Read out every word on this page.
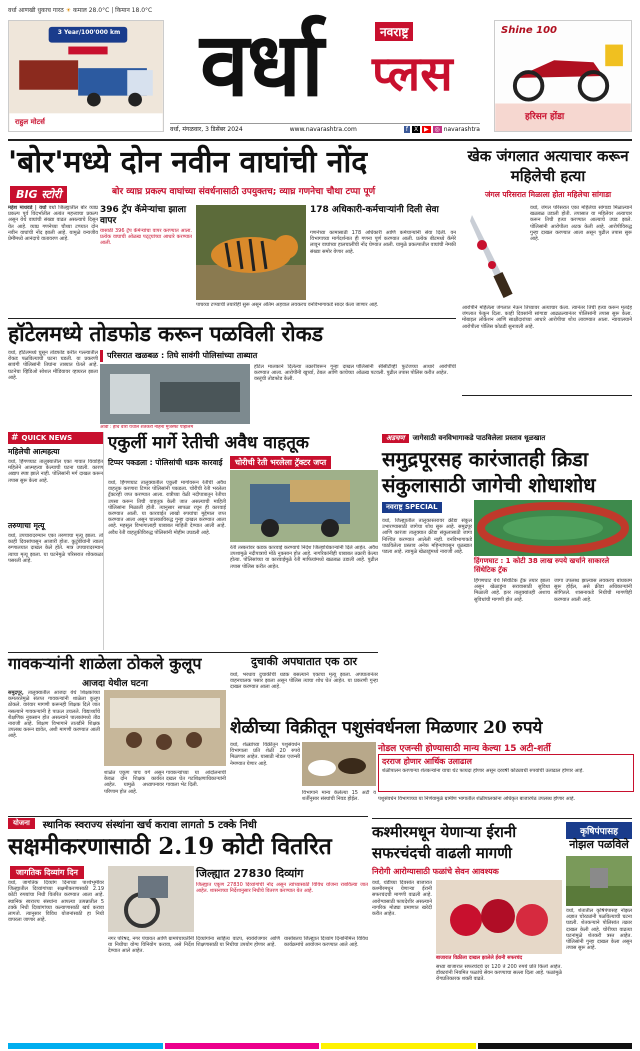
वर्धा आणखी धुकाच गारठ ☀ कमाल 28.0°C | किमान 18.0°C
3 Year/100'000 km
राहुल मोटर्स
वर्धा	नवराष्ट्र
प्लस
वर्धा, मंगळवार, 3 डिसेंबर 2024	www.navarashtra.com	f X ▶ ◎ navarashtra
Shine 100
हरिसन होंडा
'बोर'मध्ये दोन नवीन वाघांची नोंद
BIG स्टोरी	बोर व्याघ्र प्रकल्प वाघांच्या संवर्धनासाठी उपयुक्तच; व्याघ्र गणनेचा चौथा टप्पा पूर्ण
महेश माधवडे | वर्धा वर्धा जिल्ह्यातील बोर व्याघ्र प्रकल्प पूर्व विदर्भातील अत्यंत महत्त्वाचा प्रकल्प असून येथे वाघांची संख्या वाढत असल्याचे दिसून येत आहे. व्याघ्र गणनेच्या चौथ्या टप्प्यात दोन नवीन वाघांची नोंद झाली आहे. यामुळे वन्यजीव प्रेमींमध्ये आनंदाचे वातावरण आहे.
396 ट्रॅप कॅमेऱ्यांचा झाला वापर
यासाठी 396 ट्रॅप कॅमेऱ्यांचा वापर करण्यात आला. प्रत्येक वाघाची ओळख पट्ट्यांच्या आधारे करण्यात आली.
178 अधिकारी-कर्मचाऱ्यांनी दिली सेवा
गणनेच्या कामासाठी 178 अधिकारी आणि कर्मचाऱ्यांनी सेवा दिली. वन विभागाच्या मार्गदर्शनात ही गणना पूर्ण करण्यात आली. प्रत्येक बीटमध्ये कॅमेरे लावून वाघांच्या हालचालींची नोंद घेण्यात आली. यामुळे प्रकल्पातील वाघांची नेमकी संख्या समोर येणार आहे.
पाचव्या टप्प्याची तयारीही सुरू असून अंतिम अहवाल लवकरच वनविभागाकडे सादर केला जाणार आहे.
खेक जंगलात अत्याचार करून महिलेची हत्या
जंगल परिसरात मिळाला होता महिलेचा सांगाडा
वर्धा, जंगल परिसरात एका महिलेचा सांगाडा मिळाल्याने खळबळ उडाली होती. तपासात या महिलेवर अत्याचार करून तिची हत्या करण्यात आल्याचे उघड झाले. पोलिसांनी आरोपीला अटक केली आहे. आरोपीविरुद्ध गुन्हा दाखल करण्यात आला असून पुढील तपास सुरू आहे.
आरोपीने महिलेला जंगलात नेऊन तिच्यावर अत्याचार केला. त्यानंतर तिची हत्या करून मृतदेह जंगलात फेकून दिला. काही दिवसांनी सांगाडा आढळल्यानंतर पोलिसांनी तपास सुरू केला. मोबाइल लोकेशन आणि साक्षीदारांच्या आधारे आरोपीचा शोध लावण्यात आला. न्यायालयाने आरोपीला पोलिस कोठडी सुनावली आहे.
हॉटेलमध्ये तोडफोड करून पळविली रोकड
वर्धा, हॉटेलमध्ये घुसून तोडफोड करीत गल्ल्यातील रोकड पळविल्याची घटना घडली. या प्रकरणी सावंगी पोलिसांनी तिघांना ताब्यात घेतले आहे. घटनेचा व्हिडिओ सोशल मीडियावर व्हायरल झाला आहे.
परिसरात खळबळ : तिघे सावंगी पोलिसांच्या ताब्यात
आर्वी : हेचि वारी येथील शेतकरी नहिना मुजस्फा पोहोलम
हॉटेल मालकाने दिलेल्या तक्रारीवरून गुन्हा दाखल करण्यात आला. आरोपींनी खुर्च्या, टेबल आणि काचेच्या वस्तूंची तोडफोड केली.
पोलिसांनी सीसीटीव्ही फुटेजच्या आधारे आरोपींची ओळख पटवली. पुढील तपास पोलिस करीत आहेत.
# QUICK NEWS
महिलेची आत्महत्या
वर्धा, हिंगणघाट तालुक्यातील एका गावात विवाहित महिलेने आत्महत्या केल्याची घटना घडली. कारण अद्याप स्पष्ट झाले नाही. पोलिसांनी मर्ग दाखल करून तपास सुरू केला आहे.
तरुणाचा मृत्यू
वर्धा, उपचारादरम्यान एका तरुणाचा मृत्यू झाला. तो काही दिवसांपासून आजारी होता. कुटुंबीयांनी त्याला रुग्णालयात दाखल केले होते. मात्र उपचारादरम्यान त्याचा मृत्यू झाला. या घटनेमुळे परिसरात शोककळा पसरली आहे.
एकुर्ली मार्गे रेतीची अवैध वाहतूक
चोरीची रेती भरलेला ट्रॅक्टर जप्त
टिप्पर पकडला : पोलिसांची धडक कारवाई
वर्धा, हिंगणघाट तालुक्यातील एकुर्ली मार्गावरून रेतीची अवैध वाहतूक करणारा टिप्पर पोलिसांनी पकडला. चोरीची रेती भरलेला ट्रॅक्टरही जप्त करण्यात आला. रात्रीच्या वेळी नदीपात्रातून रेतीचा उपसा करून तिची वाहतूक केली जात असल्याची माहिती पोलिसांना मिळाली होती. त्यानुसार सापळा रचून ही कारवाई करण्यात आली. या कारवाईत लाखो रुपयांचा मुद्देमाल जप्त करण्यात आला असून चालकाविरुद्ध गुन्हा दाखल करण्यात आला आहे. महसूल विभागालाही याबाबत माहिती देण्यात आली आहे. अवैध रेती वाहतुकीविरुद्ध पोलिसांनी मोहीम उघडली आहे.
रेती तस्करांवर कडक कारवाई करण्याचे निर्देश जिल्हाधिकाऱ्यांनी दिले आहेत. अवैध उपशामुळे नदीपात्राचे मोठे नुकसान होत आहे. नागरिकांनीही याबाबत तक्रारी केल्या होत्या. पोलिसांच्या या कारवाईमुळे रेती माफियांमध्ये खळबळ उडाली आहे. पुढील तपास पोलिस करीत आहेत.
अडचण	जागेसाठी वनविभागाकडे पाठविलेला प्रस्ताव धूळखात
समुद्रपूरसह कारंजातही क्रिडा संकुलासाठी जागेची शोधाशोध
नवराष्ट्र SPECIAL
वर्धा, जिल्ह्यातील तालुकास्तरावर क्रीडा संकुल उभारण्यासाठी जागेचा शोध सुरू आहे. समुद्रपूर आणि कारंजा तालुक्यात क्रीडा संकुलासाठी जागा निश्चित करण्यात आलेली नाही. वनविभागाकडे पाठविलेला प्रस्ताव अनेक महिन्यांपासून धूळखात पडला आहे. त्यामुळे खेळाडूंमध्ये नाराजी आहे.
हिंगणघाट : 1 कोटी 38 लाख रुपये खर्चाने साकारले सिंथेटिक ट्रॅक
हिंगणघाट येथे सिंथेटिक ट्रॅक तयार झाला असून खेळाडूंना सरावासाठी सुविधा मिळाली आहे. इतर तालुक्यांतही अशाच सुविधांची मागणी होत आहे.
जागा उपलब्ध झाल्यास लवकरच बांधकाम सुरू होईल, असे क्रीडा अधिकाऱ्यांनी सांगितले. शासनाकडे निधीची मागणीही करण्यात आली आहे.
गावकऱ्यांनी शाळेला ठोकले कुलूप
आजदा येथील घटना
समुद्रपूर, तालुक्यातील आजदा येथे शिक्षकांच्या कमतरतेमुळे संतप्त गावकऱ्यांनी शाळेला कुलूप ठोकले. वारंवार मागणी करूनही शिक्षक दिले जात नसल्याने गावकऱ्यांनी हे पाऊल उचलले. विद्यार्थ्यांचे शैक्षणिक नुकसान होत असल्याने पालकांमध्ये तीव्र नाराजी आहे. शिक्षण विभागाने तातडीने शिक्षक उपलब्ध करून द्यावेत, अशी मागणी करण्यात आली आहे.
शाळेत एकूण पाच वर्ग असून केवळ दोन शिक्षक कार्यरत आहेत. यामुळे अध्यापनावर परिणाम होत आहे.
गावकऱ्यांच्या या आंदोलनाची दखल घेत गटशिक्षणाधिकाऱ्यांनी गावाला भेट दिली.
दुचाकी अपघातात एक ठार
वर्धा, भरधाव दुचाकीची धडक बसल्याने एकाचा मृत्यू झाला. अपघातानंतर वाहनचालक पसार झाला असून पोलिस त्याचा शोध घेत आहेत. या प्रकरणी गुन्हा दाखल करण्यात आला आहे.
शेळीच्या विक्रीतून पशुसंवर्धनला मिळणार 20 रुपये
नोडल एजन्सी होण्यासाठी मान्य केल्या 15 अटी-शर्ती
वर्धा, शेळ्यांच्या विक्रीतून पशुसंवर्धन विभागाला प्रति शेळी 20 रुपये मिळणार आहेत. यासाठी नोडल एजन्सी नेमण्यात येणार आहे.	दरराज होणार आर्थिक उलाढाल
शेळीपालन करणाऱ्या शेतकऱ्यांना याचा थेट फायदा होणार असून दरवर्षी कोट्यवधी रुपयांची उलाढाल होणार आहे.
विभागाने मान्य केलेल्या 15 अटी व शर्तींनुसार संस्थांची निवड होईल.	पशुसंवर्धन विभागाच्या या निर्णयामुळे ग्रामीण भागातील शेळीपालकांना अधिकृत बाजारपेठ उपलब्ध होणार आहे.
योजना	स्थानिक स्वराज्य संस्थांना खर्च करावा लागतो 5 टक्के निधी
सक्षमीकरणासाठी 2.19 कोटी वितरित
जागतिक दिव्यांग दिन
वर्धा, जागतिक दिव्यांग दिनाच्या पार्श्वभूमीवर जिल्ह्यातील दिव्यांगांच्या सक्षमीकरणासाठी 2.19 कोटी रुपयांचा निधी वितरित करण्यात आला आहे. स्थानिक स्वराज्य संस्थांना आपल्या उत्पन्नातील 5 टक्के निधी दिव्यांगांच्या कल्याणासाठी खर्च करावा लागतो. त्यानुसार विविध योजनांसाठी हा निधी वापरला जाणार आहे.
जिल्ह्यात 27830 दिव्यांग
जिल्ह्यात एकूण 27830 दिव्यांगांची नोंद असून त्यांच्यासाठी विविध योजना राबविल्या जात आहेत. शासनाच्या निर्देशानुसार निधीचे वितरण करण्यात येत आहे.
नगर परिषद, नगर पंचायत आणि ग्रामपंचायतींनी या निधीचा योग्य विनियोग करावा, असे निर्देश देण्यात आले आहेत.
दिव्यांगांना साहित्य वाटप, स्वयंरोजगार आणि शिक्षणासाठी या निधीचा उपयोग होणार आहे.
यासोबतच जिल्ह्यात दिव्यांग दिनानिमित्त विविध कार्यक्रमांचे आयोजन करण्यात आले आहे.
कश्मीरमधून येणाऱ्या ईरानी सफरचंदची वाढली मागणी
निरोगी आरोग्यासाठी फळांचे सेवन आवश्यक
वर्धा, थंडीच्या दिवसांत बाजारात कश्मीरमधून येणाऱ्या ईरानी सफरचंदची मागणी वाढली आहे. आरोग्यासाठी फायदेशीर असल्याने नागरिक मोठ्या प्रमाणात खरेदी करीत आहेत.
बाजारात विक्रीला दाखल झालेले ईरानी सफरचंद
सध्या बाजारात सफरचंदचे दर 120 ते 200 रुपये प्रति किलो आहेत. डॉक्टरांनी नियमित फळांचे सेवन करण्याचा सल्ला दिला आहे. फळांमुळे रोगप्रतिकारक शक्ती वाढते.
कृषिपंपासह
नोझल पळविले
वर्धा, शेतातील कृषिपंपासह नोझल अज्ञात चोरट्यांनी पळविल्याची घटना घडली. शेतकऱ्याने पोलिसांत तक्रार दाखल केली आहे. चोरीच्या वाढत्या घटनांमुळे शेतकरी त्रस्त आहेत. पोलिसांनी गुन्हा दाखल केला असून तपास सुरू आहे.
